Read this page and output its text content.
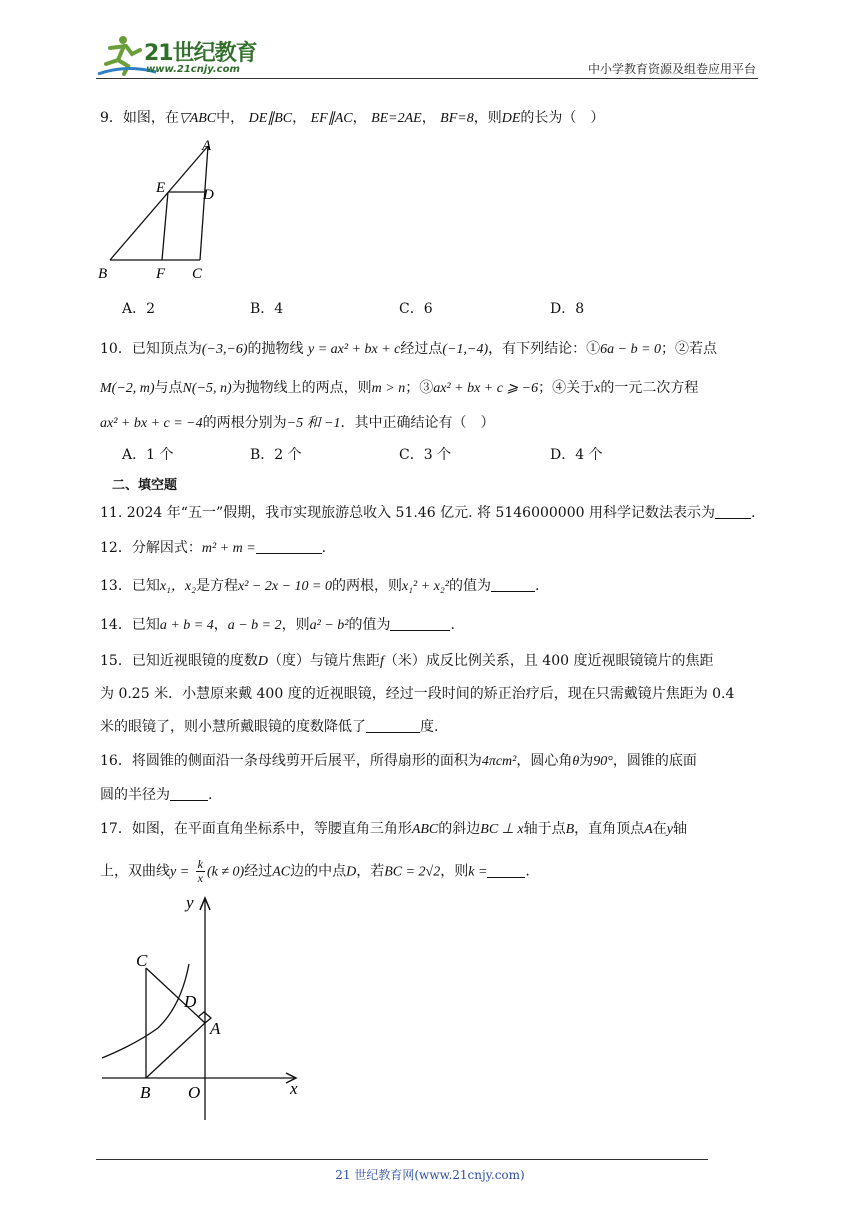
21世纪教育
www.21cnjy.com	中小学教育资源及组卷应用平台
9．如图，在▽ABC中， DE∥BC， EF∥AC， BE=2AE， BF=8，则DE的长为（　）
A
E	D
B	F C
A．2	B．4	C．6	D．8
10．已知顶点为(−3,−6)的抛物线 y = ax² + bx + c经过点(−1,−4)，有下列结论：①6a − b = 0；②若点
M(−2, m)与点N(−5, n)为抛物线上的两点，则m > n；③ax² + bx + c ⩾ −6；④关于x的一元二次方程
ax² + bx + c = −4的两根分别为−5 和 −1．其中正确结论有（　）
A．1 个	B．2 个	C．3 个	D．4 个
二、填空题
11. 2024 年“五一”假期，我市实现旅游总收入 51.46 亿元. 将 5146000000 用科学记数法表示为	.
12．分解因式：m² + m =	.
13．已知x₁，x₂是方程x² − 2x − 10 = 0的两根，则x₁² + x₂²的值为	.
14．已知a + b = 4，a − b = 2，则a² − b²的值为	.
15．已知近视眼镜的度数D（度）与镜片焦距f（米）成反比例关系，且 400 度近视眼镜镜片的焦距
为 0.25 米．小慧原来戴 400 度的近视眼镜，经过一段时间的矫正治疗后，现在只需戴镜片焦距为 0.4
米的眼镜了，则小慧所戴眼镜的度数降低了	度.
16．将圆锥的侧面沿一条母线剪开后展平，所得扇形的面积为4πcm²，圆心角θ为90°，圆锥的底面
圆的半径为	.
17．如图，在平面直角坐标系中，等腰直角三角形ABC的斜边BC ⊥ x轴于点B，直角顶点A在y轴
上，双曲线$y = \frac{k}{x} (k \ne 0)$经过AC边的中点D，若BC = 2√2，则k =	.
y
x
C
D
A
B O
21 世纪教育网(www.21cnjy.com)
